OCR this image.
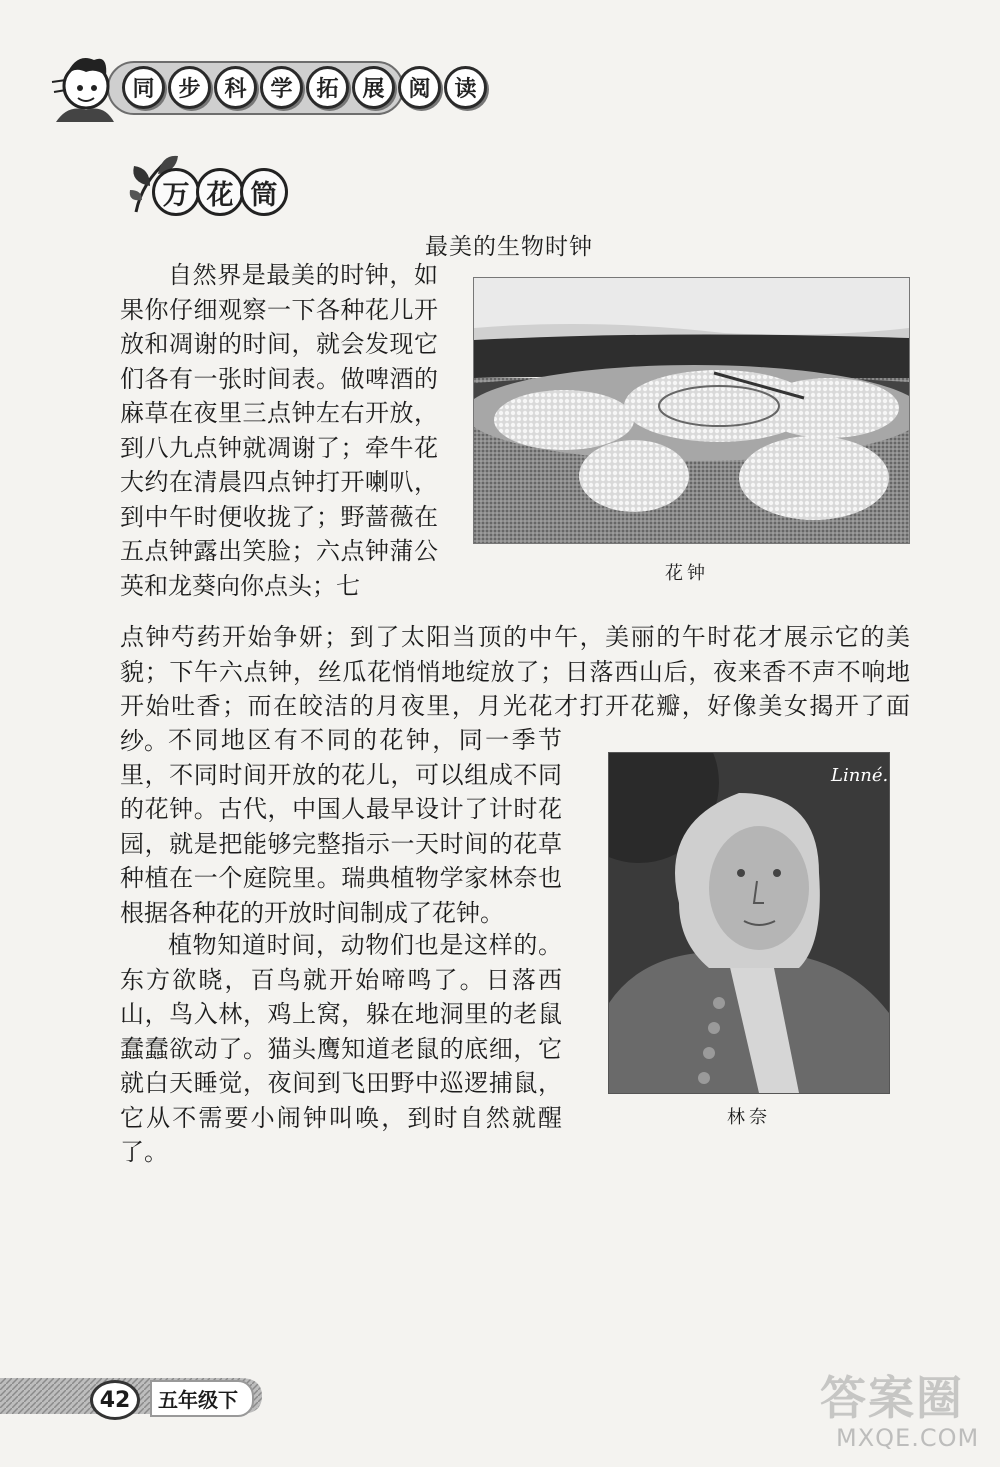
同	步	科	学	拓	展	阅	读
万 花 筒
最美的生物时钟

自然界是最美的时钟，如果你仔细观察一下各种花儿开放和凋谢的时间，就会发现它们各有一张时间表。做啤酒的麻草在夜里三点钟左右开放，到八九点钟就凋谢了；牵牛花大约在清晨四点钟打开喇叭，到中午时便收拢了；野蔷薇在五点钟露出笑脸；六点钟蒲公英和龙葵向你点头；七

点钟芍药开始争妍；到了太阳当顶的中午，美丽的午时花才展示它的美貌；下午六点钟，丝瓜花悄悄地绽放了；日落西山后，夜来香不声不响地开始吐香；而在皎洁的月夜里，月光花才打开花瓣，好像美女揭开了面纱。 不同地区有不同的花钟，同一季节里，不同时间开放的花儿，可以组成不同的花钟。古代，中国人最早设计了计时花园，就是把能够完整指示一天时间的花草种植在一个庭院里。瑞典植物学家林奈也根据各种花的开放时间制成了花钟。

植物知道时间，动物们也是这样的。东方欲晓，百鸟就开始啼鸣了。日落西山，鸟入林，鸡上窝，躲在地洞里的老鼠蠢蠢欲动了。猫头鹰知道老鼠的底细，它就白天睡觉，夜间到飞田野中巡逻捕鼠，它从不需要小闹钟叫唤，到时自然就醒了。

花钟
Linné.
林奈
42	五年级下	答案圈
MXQE.COM
